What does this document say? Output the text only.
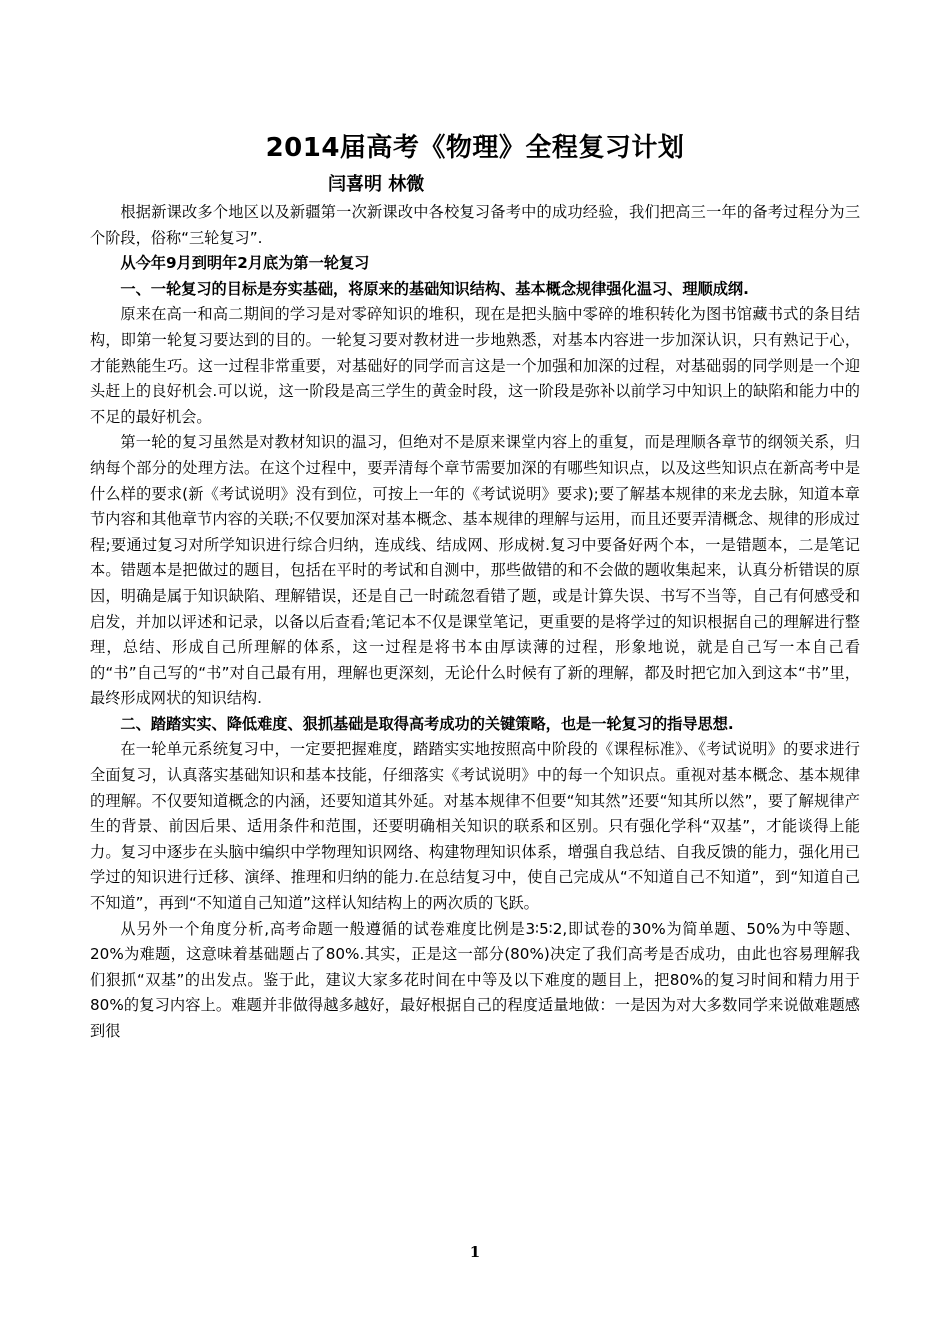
2014届高考《物理》全程复习计划
闫喜明 林微

根据新课改多个地区以及新疆第一次新课改中各校复习备考中的成功经验，我们把高三一年的备考过程分为三个阶段，俗称“三轮复习”.

从今年9月到明年2月底为第一轮复习

一、一轮复习的目标是夯实基础，将原来的基础知识结构、基本概念规律强化温习、理顺成纲.

原来在高一和高二期间的学习是对零碎知识的堆积，现在是把头脑中零碎的堆积转化为图书馆藏书式的条目结构，即第一轮复习要达到的目的。一轮复习要对教材进一步地熟悉，对基本内容进一步加深认识，只有熟记于心，才能熟能生巧。这一过程非常重要，对基础好的同学而言这是一个加强和加深的过程，对基础弱的同学则是一个迎头赶上的良好机会.可以说，这一阶段是高三学生的黄金时段，这一阶段是弥补以前学习中知识上的缺陷和能力中的不足的最好机会。

第一轮的复习虽然是对教材知识的温习，但绝对不是原来课堂内容上的重复，而是理顺各章节的纲领关系，归纳每个部分的处理方法。在这个过程中，要弄清每个章节需要加深的有哪些知识点，以及这些知识点在新高考中是什么样的要求(新《考试说明》没有到位，可按上一年的《考试说明》要求);要了解基本规律的来龙去脉，知道本章节内容和其他章节内容的关联;不仅要加深对基本概念、基本规律的理解与运用，而且还要弄清概念、规律的形成过程;要通过复习对所学知识进行综合归纳，连成线、结成网、形成树.复习中要备好两个本，一是错题本，二是笔记本。错题本是把做过的题目，包括在平时的考试和自测中，那些做错的和不会做的题收集起来，认真分析错误的原因，明确是属于知识缺陷、理解错误，还是自己一时疏忽看错了题，或是计算失误、书写不当等，自己有何感受和启发，并加以评述和记录，以备以后查看;笔记本不仅是课堂笔记，更重要的是将学过的知识根据自己的理解进行整理，总结、形成自己所理解的体系，这一过程是将书本由厚读薄的过程，形象地说，就是自己写一本自己看的“书”自己写的“书”对自己最有用，理解也更深刻，无论什么时候有了新的理解，都及时把它加入到这本“书”里，最终形成网状的知识结构.

二、踏踏实实、降低难度、狠抓基础是取得高考成功的关键策略，也是一轮复习的指导思想.

在一轮单元系统复习中，一定要把握难度，踏踏实实地按照高中阶段的《课程标准》、《考试说明》的要求进行全面复习，认真落实基础知识和基本技能，仔细落实《考试说明》中的每一个知识点。重视对基本概念、基本规律的理解。不仅要知道概念的内涵，还要知道其外延。对基本规律不但要“知其然”还要“知其所以然”，要了解规律产生的背景、前因后果、适用条件和范围，还要明确相关知识的联系和区别。只有强化学科“双基”，才能谈得上能力。复习中逐步在头脑中编织中学物理知识网络、构建物理知识体系，增强自我总结、自我反馈的能力，强化用已学过的知识进行迁移、演绎、推理和归纳的能力.在总结复习中，使自己完成从“不知道自己不知道”，到“知道自己不知道”，再到“不知道自己知道”这样认知结构上的两次质的飞跃。

从另外一个角度分析,高考命题一般遵循的试卷难度比例是3∶5∶2,即试卷的30%为简单题、50%为中等题、20%为难题，这意味着基础题占了80%.其实，正是这一部分(80%)决定了我们高考是否成功，由此也容易理解我们狠抓“双基”的出发点。鉴于此，建议大家多花时间在中等及以下难度的题目上，把80%的复习时间和精力用于80%的复习内容上。难题并非做得越多越好，最好根据自己的程度适量地做：一是因为对大多数同学来说做难题感到很

1
